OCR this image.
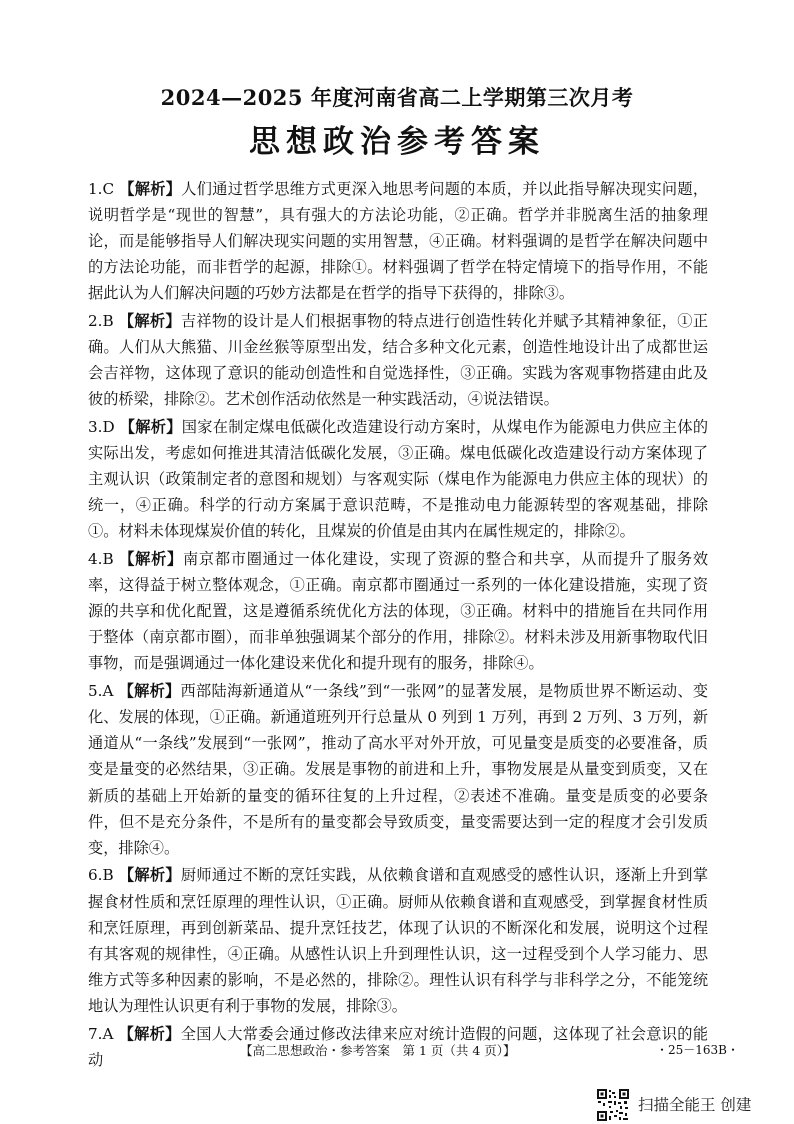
2024—2025 年度河南省高二上学期第三次月考
思想政治参考答案

1.C 【解析】人们通过哲学思维方式更深入地思考问题的本质，并以此指导解决现实问题，说明哲学是“现世的智慧”，具有强大的方法论功能，②正确。哲学并非脱离生活的抽象理论，而是能够指导人们解决现实问题的实用智慧，④正确。材料强调的是哲学在解决问题中的方法论功能，而非哲学的起源，排除①。材料强调了哲学在特定情境下的指导作用，不能据此认为人们解决问题的巧妙方法都是在哲学的指导下获得的，排除③。

2.B 【解析】吉祥物的设计是人们根据事物的特点进行创造性转化并赋予其精神象征，①正确。人们从大熊猫、川金丝猴等原型出发，结合多种文化元素，创造性地设计出了成都世运会吉祥物，这体现了意识的能动创造性和自觉选择性，③正确。实践为客观事物搭建由此及彼的桥梁，排除②。艺术创作活动依然是一种实践活动，④说法错误。

3.D 【解析】国家在制定煤电低碳化改造建设行动方案时，从煤电作为能源电力供应主体的实际出发，考虑如何推进其清洁低碳化发展，③正确。煤电低碳化改造建设行动方案体现了主观认识（政策制定者的意图和规划）与客观实际（煤电作为能源电力供应主体的现状）的统一，④正确。科学的行动方案属于意识范畴，不是推动电力能源转型的客观基础，排除①。材料未体现煤炭价值的转化，且煤炭的价值是由其内在属性规定的，排除②。

4.B 【解析】南京都市圈通过一体化建设，实现了资源的整合和共享，从而提升了服务效率，这得益于树立整体观念，①正确。南京都市圈通过一系列的一体化建设措施，实现了资源的共享和优化配置，这是遵循系统优化方法的体现，③正确。材料中的措施旨在共同作用于整体（南京都市圈），而非单独强调某个部分的作用，排除②。材料未涉及用新事物取代旧事物，而是强调通过一体化建设来优化和提升现有的服务，排除④。

5.A 【解析】西部陆海新通道从“一条线”到“一张网”的显著发展，是物质世界不断运动、变化、发展的体现，①正确。新通道班列开行总量从 0 列到 1 万列，再到 2 万列、3 万列，新通道从“一条线”发展到“一张网”，推动了高水平对外开放，可见量变是质变的必要准备，质变是量变的必然结果，③正确。发展是事物的前进和上升，事物发展是从量变到质变，又在新质的基础上开始新的量变的循环往复的上升过程，②表述不准确。量变是质变的必要条件，但不是充分条件，不是所有的量变都会导致质变，量变需要达到一定的程度才会引发质变，排除④。

6.B 【解析】厨师通过不断的烹饪实践，从依赖食谱和直观感受的感性认识，逐渐上升到掌握食材性质和烹饪原理的理性认识，①正确。厨师从依赖食谱和直观感受，到掌握食材性质和烹饪原理，再到创新菜品、提升烹饪技艺，体现了认识的不断深化和发展，说明这个过程有其客观的规律性，④正确。从感性认识上升到理性认识，这一过程受到个人学习能力、思维方式等多种因素的影响，不是必然的，排除②。理性认识有科学与非科学之分，不能笼统地认为理性认识更有利于事物的发展，排除③。

7.A 【解析】全国人大常委会通过修改法律来应对统计造假的问题，这体现了社会意识的能动

【高二思想政治・参考答案　第 1 页（共 4 页）】	・25－163B・
扫描全能王 创建
